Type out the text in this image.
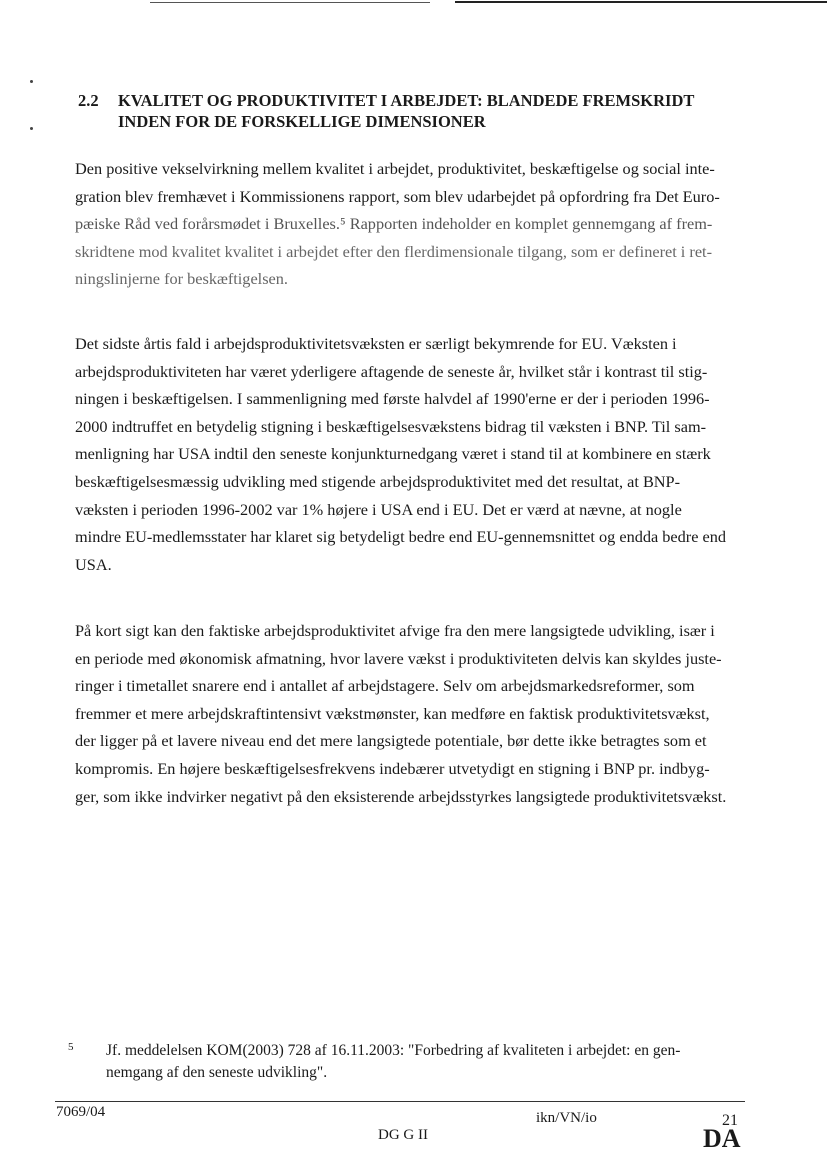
2.2 KVALITET OG PRODUKTIVITET I ARBEJDET: BLANDEDE FREMSKRIDT
INDEN FOR DE FORSKELLIGE DIMENSIONER
Den positive vekselvirkning mellem kvalitet i arbejdet, produktivitet, beskæftigelse og social inte-
gration blev fremhævet i Kommissionens rapport, som blev udarbejdet på opfordring fra Det Euro-
pæiske Råd ved forårsmødet i Bruxelles.⁵ Rapporten indeholder en komplet gennemgang af frem-
skridtene mod kvalitet kvalitet i arbejdet efter den flerdimensionale tilgang, som er defineret i ret-
ningslinjerne for beskæftigelsen.
Det sidste årtis fald i arbejdsproduktivitetsvæksten er særligt bekymrende for EU. Væksten i
arbejdsproduktiviteten har været yderligere aftagende de seneste år, hvilket står i kontrast til stig-
ningen i beskæftigelsen. I sammenligning med første halvdel af 1990'erne er der i perioden 1996-
2000 indtruffet en betydelig stigning i beskæftigelsesvækstens bidrag til væksten i BNP. Til sam-
menligning har USA indtil den seneste konjunkturnedgang været i stand til at kombinere en stærk
beskæftigelsesmæssig udvikling med stigende arbejdsproduktivitet med det resultat, at BNP-
væksten i perioden 1996-2002 var 1% højere i USA end i EU. Det er værd at nævne, at nogle
mindre EU-medlemsstater har klaret sig betydeligt bedre end EU-gennemsnittet og endda bedre end
USA.
På kort sigt kan den faktiske arbejdsproduktivitet afvige fra den mere langsigtede udvikling, især i
en periode med økonomisk afmatning, hvor lavere vækst i produktiviteten delvis kan skyldes juste-
ringer i timetallet snarere end i antallet af arbejdstagere. Selv om arbejdsmarkedsreformer, som
fremmer et mere arbejdskraftintensivt vækstmønster, kan medføre en faktisk produktivitetsvækst,
der ligger på et lavere niveau end det mere langsigtede potentiale, bør dette ikke betragtes som et
kompromis. En højere beskæftigelsesfrekvens indebærer utvetydigt en stigning i BNP pr. indbyg-
ger, som ikke indvirker negativt på den eksisterende arbejdsstyrkes langsigtede produktivitetsvækst.
5 Jf. meddelelsen KOM(2003) 728 af 16.11.2003: "Forbedring af kvaliteten i arbejdet: en gen-
nemgang af den seneste udvikling".
7069/04	ikn/VN/io	21
DG G II	DA
